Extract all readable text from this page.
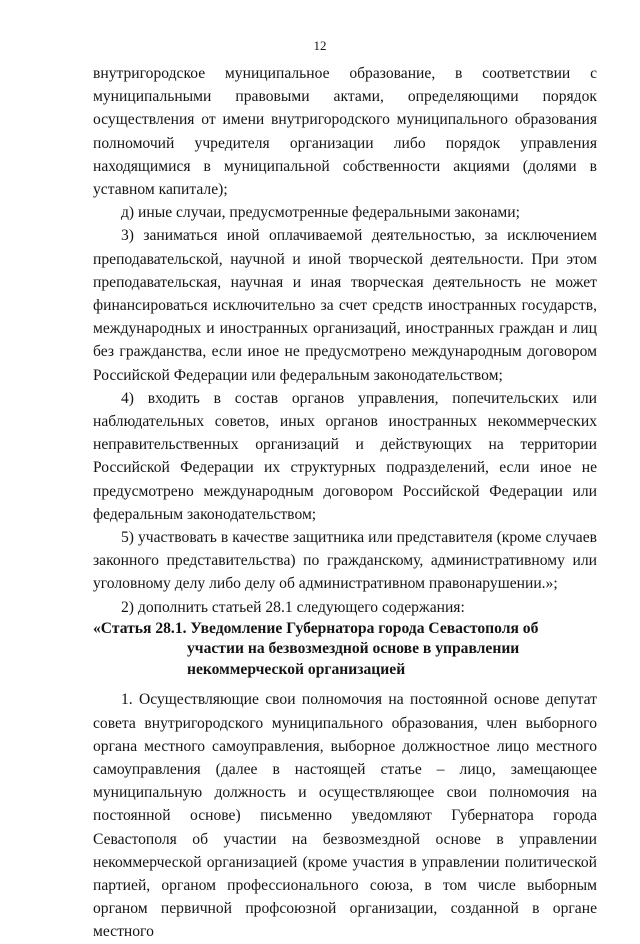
12

внутригородское муниципальное образование, в соответствии с муниципальными правовыми актами, определяющими порядок осуществления от имени внутригородского муниципального образования полномочий учредителя организации либо порядок управления находящимися в муниципальной собственности акциями (долями в уставном капитале);

д) иные случаи, предусмотренные федеральными законами;

3) заниматься иной оплачиваемой деятельностью, за исключением преподавательской, научной и иной творческой деятельности. При этом преподавательская, научная и иная творческая деятельность не может финансироваться исключительно за счет средств иностранных государств, международных и иностранных организаций, иностранных граждан и лиц без гражданства, если иное не предусмотрено международным договором Российской Федерации или федеральным законодательством;

4) входить в состав органов управления, попечительских или наблюдательных советов, иных органов иностранных некоммерческих неправительственных организаций и действующих на территории Российской Федерации их структурных подразделений, если иное не предусмотрено международным договором Российской Федерации или федеральным законодательством;

5) участвовать в качестве защитника или представителя (кроме случаев законного представительства) по гражданскому, административному или уголовному делу либо делу об административном правонарушении.»;

2) дополнить статьей 28.1 следующего содержания:

«Статья 28.1. Уведомление Губернатора города Севастополя об участии на безвозмездной основе в управлении некоммерческой организацией

1. Осуществляющие свои полномочия на постоянной основе депутат совета внутригородского муниципального образования, член выборного органа местного самоуправления, выборное должностное лицо местного самоуправления (далее в настоящей статье – лицо, замещающее муниципальную должность и осуществляющее свои полномочия на постоянной основе) письменно уведомляют Губернатора города Севастополя об участии на безвозмездной основе в управлении некоммерческой организацией (кроме участия в управлении политической партией, органом профессионального союза, в том числе выборным органом первичной профсоюзной организации, созданной в органе местного
